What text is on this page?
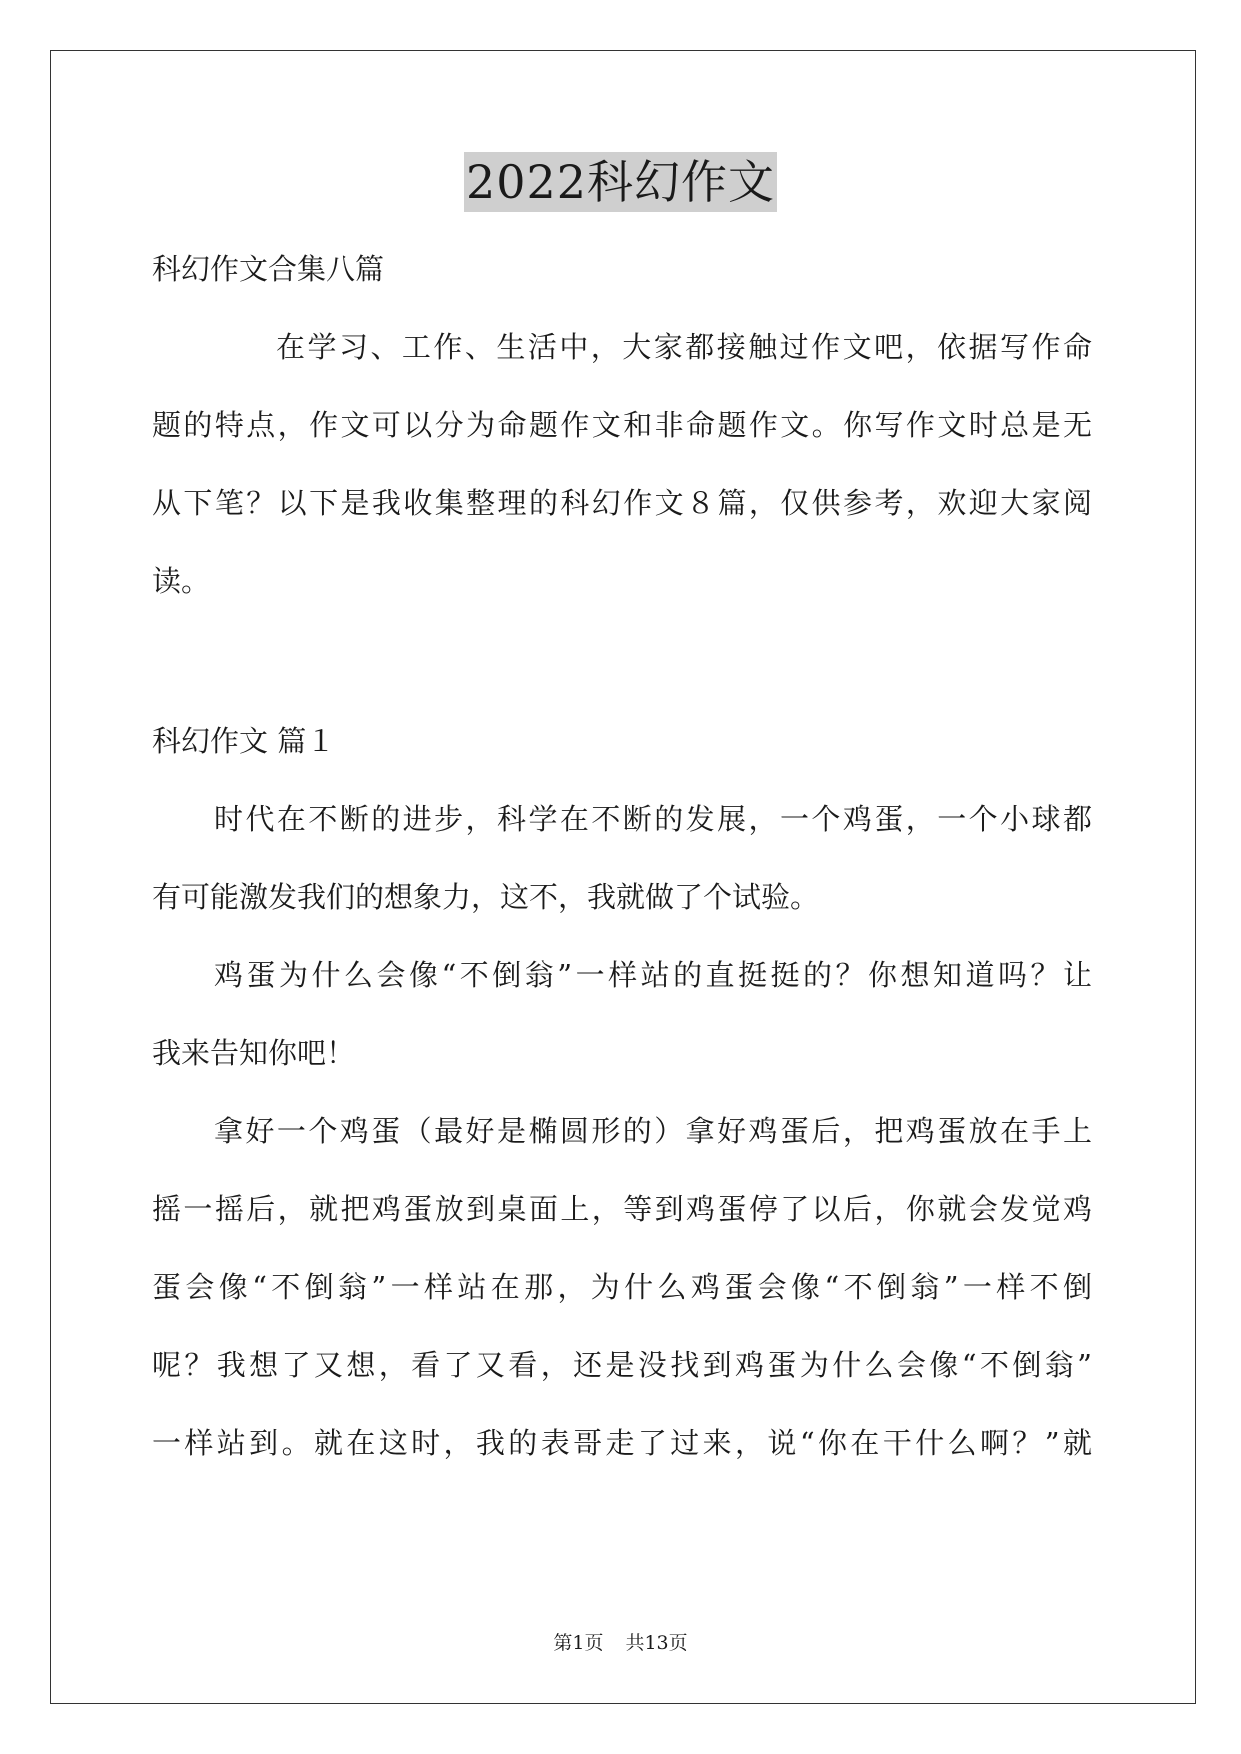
2022科幻作文
科幻作文合集八篇
在学习、工作、生活中，大家都接触过作文吧，依据写作命
题的特点，作文可以分为命题作文和非命题作文。你写作文时总是无
从下笔？以下是我收集整理的科幻作文８篇，仅供参考，欢迎大家阅
读。
科幻作文 篇１
时代在不断的进步，科学在不断的发展，一个鸡蛋，一个小球都
有可能激发我们的想象力，这不，我就做了个试验。
鸡蛋为什么会像“不倒翁”一样站的直挺挺的？你想知道吗？让
我来告知你吧！
拿好一个鸡蛋（最好是椭圆形的）拿好鸡蛋后，把鸡蛋放在手上
摇一摇后，就把鸡蛋放到桌面上，等到鸡蛋停了以后，你就会发觉鸡
蛋会像“不倒翁”一样站在那，为什么鸡蛋会像“不倒翁”一样不倒
呢？我想了又想，看了又看，还是没找到鸡蛋为什么会像“不倒翁”
一样站到。就在这时，我的表哥走了过来，说“你在干什么啊？”就
第1页 共13页
